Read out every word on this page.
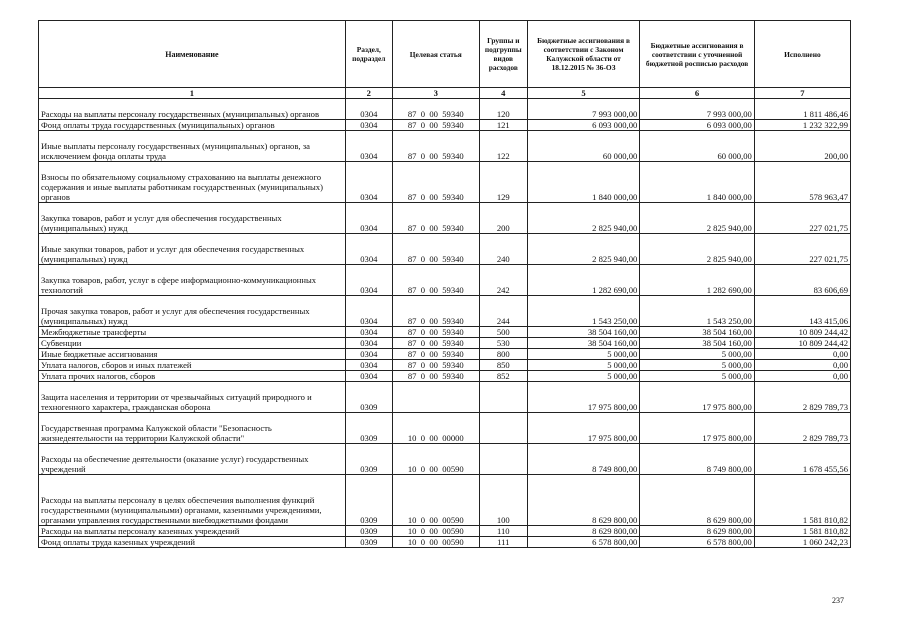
Наименование	Раздел, подраздел	Целевая статья	Группы и подгруппы видов расходов	Бюджетные ассигнования в соответствии с Законом Калужской области от 18.12.2015 № 36-ОЗ	Бюджетные ассигнования в соответствии с уточненной бюджетной росписью расходов	Исполнено
1	2	3	4	5	6	7
Расходы на выплаты персоналу государственных (муниципальных) органов	0304	87  0  00  59340	120	7 993 000,00	7 993 000,00	1 811 486,46
Фонд оплаты труда государственных (муниципальных) органов	0304	87  0  00  59340	121	6 093 000,00	6 093 000,00	1 232 322,99
Иные выплаты персоналу государственных (муниципальных) органов, за исключением фонда оплаты труда	0304	87  0  00  59340	122	60 000,00	60 000,00	200,00
Взносы по обязательному социальному страхованию на выплаты денежного содержания и иные выплаты работникам государственных (муниципальных) органов	0304	87  0  00  59340	129	1 840 000,00	1 840 000,00	578 963,47
Закупка товаров, работ и услуг для обеспечения государственных (муниципальных) нужд	0304	87  0  00  59340	200	2 825 940,00	2 825 940,00	227 021,75
Иные закупки товаров, работ и услуг для обеспечения государственных (муниципальных) нужд	0304	87  0  00  59340	240	2 825 940,00	2 825 940,00	227 021,75
Закупка товаров, работ, услуг в сфере информационно-коммуникационных технологий	0304	87  0  00  59340	242	1 282 690,00	1 282 690,00	83 606,69
Прочая закупка товаров, работ и услуг для обеспечения государственных (муниципальных) нужд	0304	87  0  00  59340	244	1 543 250,00	1 543 250,00	143 415,06
Межбюджетные трансферты	0304	87  0  00  59340	500	38 504 160,00	38 504 160,00	10 809 244,42
Субвенции	0304	87  0  00  59340	530	38 504 160,00	38 504 160,00	10 809 244,42
Иные бюджетные ассигнования	0304	87  0  00  59340	800	5 000,00	5 000,00	0,00
Уплата налогов, сборов и иных платежей	0304	87  0  00  59340	850	5 000,00	5 000,00	0,00
Уплата прочих налогов, сборов	0304	87  0  00  59340	852	5 000,00	5 000,00	0,00
Защита населения и территории от чрезвычайных ситуаций природного и техногенного характера, гражданская оборона	0309			17 975 800,00	17 975 800,00	2 829 789,73
Государственная программа Калужской области "Безопасность жизнедеятельности на территории Калужской области"	0309	10  0  00  00000		17 975 800,00	17 975 800,00	2 829 789,73
Расходы на обеспечение деятельности (оказание услуг) государственных учреждений	0309	10  0  00  00590		8 749 800,00	8 749 800,00	1 678 455,56
Расходы на выплаты персоналу в целях обеспечения выполнения функций государственными (муниципальными) органами, казенными учреждениями, органами управления государственными внебюджетными фондами	0309	10  0  00  00590	100	8 629 800,00	8 629 800,00	1 581 810,82
Расходы на выплаты персоналу казенных учреждений	0309	10  0  00  00590	110	8 629 800,00	8 629 800,00	1 581 810,82
Фонд оплаты труда казенных учреждений	0309	10  0  00  00590	111	6 578 800,00	6 578 800,00	1 060 242,23
237
